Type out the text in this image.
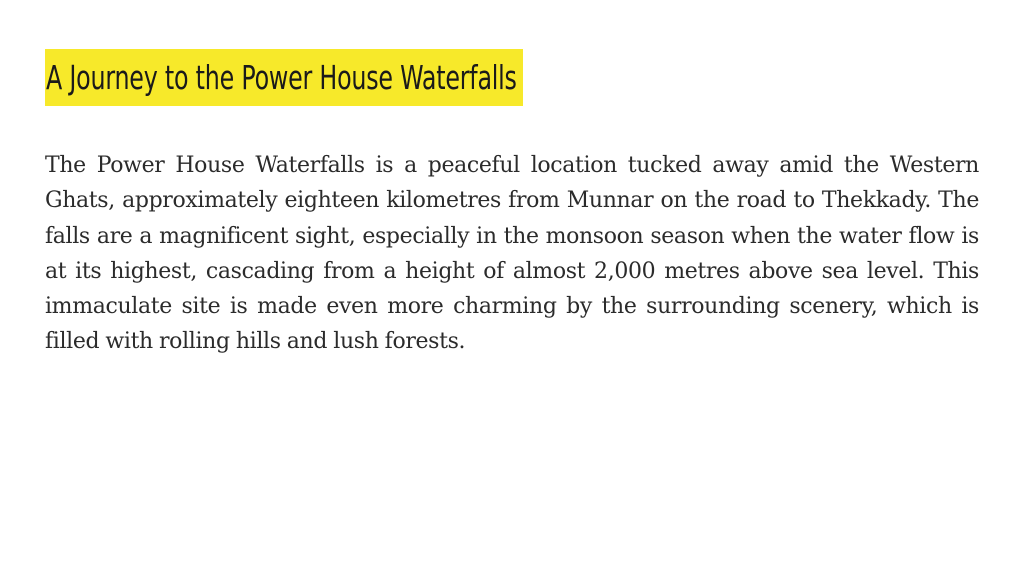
A Journey to the Power House Waterfalls

The Power House Waterfalls is a peaceful location tucked away amid the Western Ghats, approximately eighteen kilometres from Munnar on the road to Thekkady. The falls are a magnificent sight, especially in the monsoon season when the water flow is at its highest, cascading from a height of almost 2,000 metres above sea level. This immaculate site is made even more charming by the surrounding scenery, which is filled with rolling hills and lush forests.
